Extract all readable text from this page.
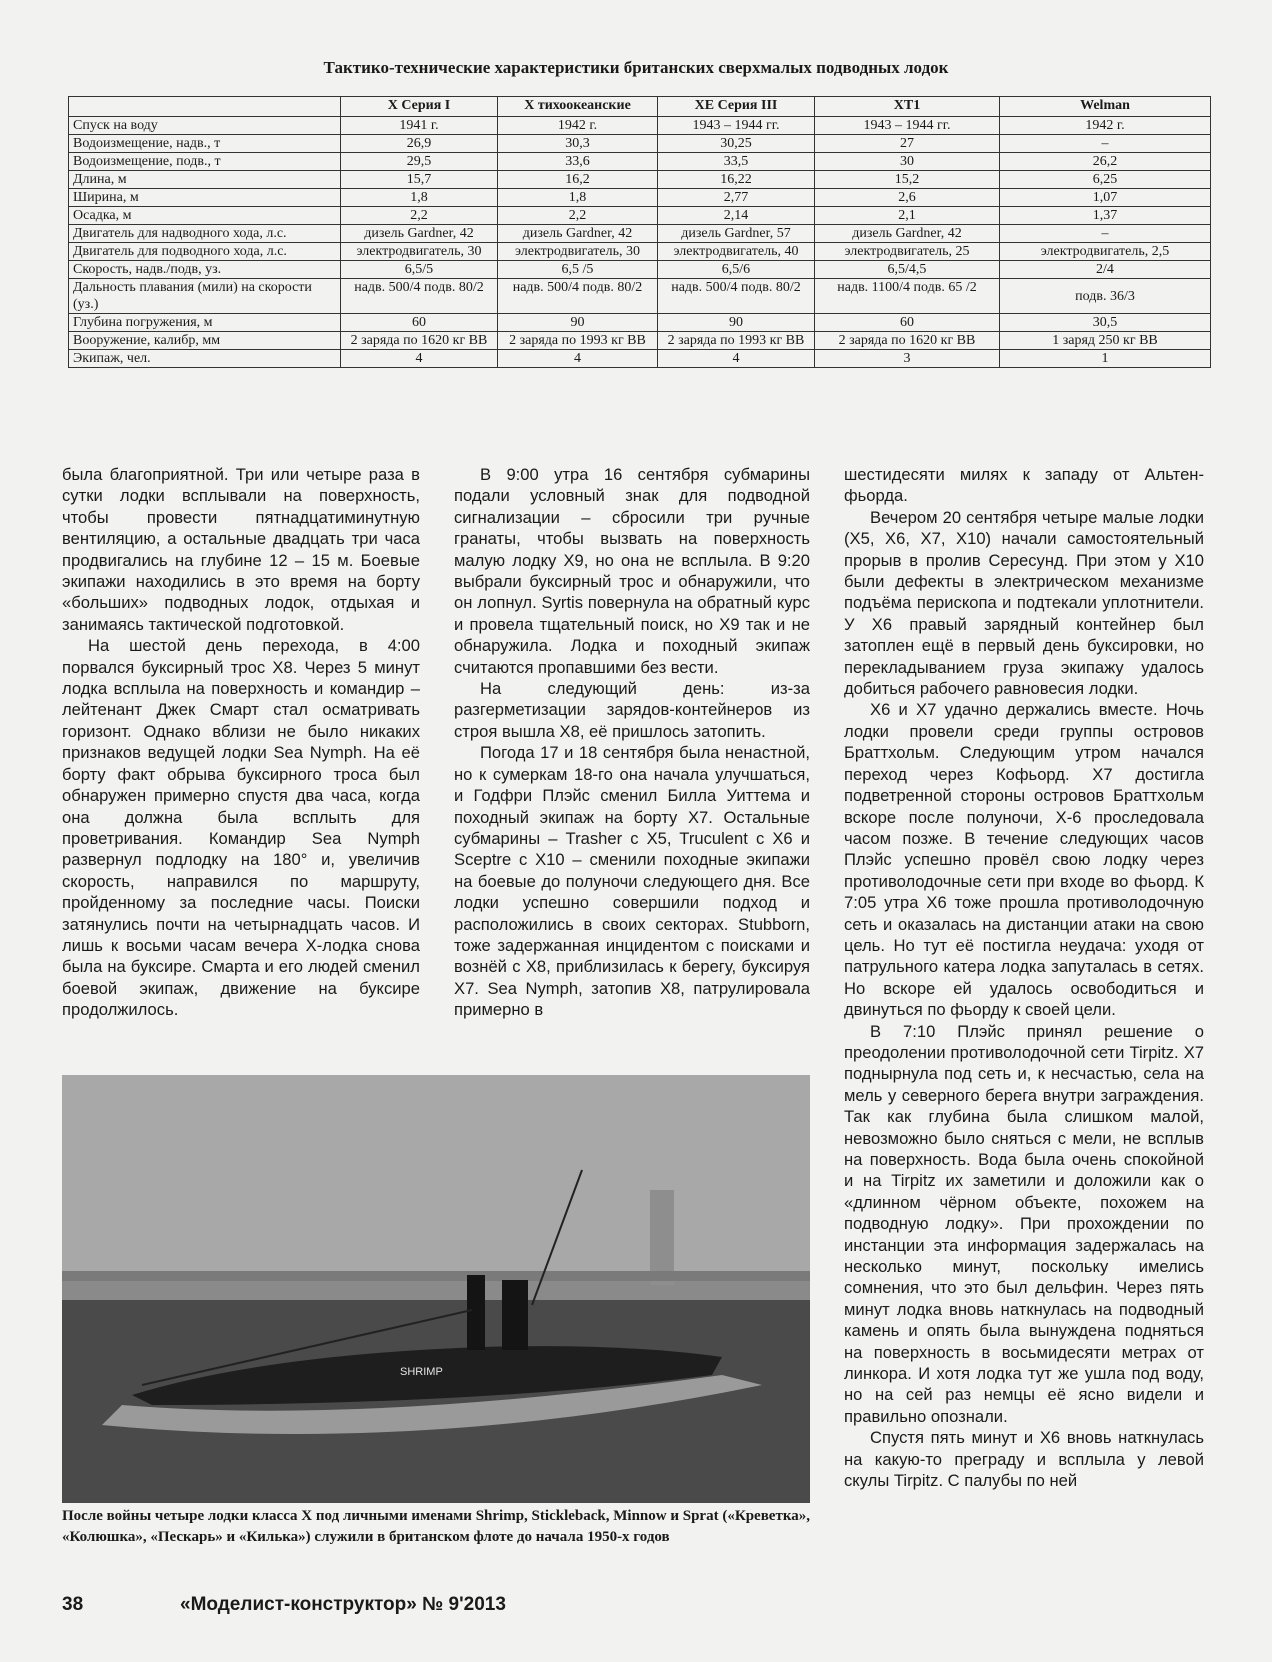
Тактико-технические характеристики британских сверхмалых подводных лодок
	X Серия I	X тихоокеанские	XE Серия III	XT1	Welman
Спуск на воду	1941 г.	1942 г.	1943 – 1944 гг.	1943 – 1944 гг.	1942 г.
Водоизмещение, надв., т	26,9	30,3	30,25	27	–
Водоизмещение, подв., т	29,5	33,6	33,5	30	26,2
Длина, м	15,7	16,2	16,22	15,2	6,25
Ширина, м	1,8	1,8	2,77	2,6	1,07
Осадка, м	2,2	2,2	2,14	2,1	1,37
Двигатель для надводного хода, л.с.	дизель Gardner, 42	дизель Gardner, 42	дизель Gardner, 57	дизель Gardner, 42	–
Двигатель для подводного хода, л.с.	электродвигатель, 30	электродвигатель, 30	электродвигатель, 40	электродвигатель, 25	электродвигатель, 2,5
Скорость, надв./подв, уз.	6,5/5	6,5 /5	6,5/6	6,5/4,5	2/4
Дальность плавания (мили) на скорости (уз.)	надв. 500/4 подв. 80/2	надв. 500/4 подв. 80/2	надв. 500/4 подв. 80/2	надв. 1100/4 подв. 65 /2	подв. 36/3
Глубина погружения, м	60	90	90	60	30,5
Вооружение, калибр, мм	2 заряда по 1620 кг ВВ	2 заряда по 1993 кг ВВ	2 заряда по 1993 кг ВВ	2 заряда по 1620 кг ВВ	1 заряд 250 кг ВВ
Экипаж, чел.	4	4	4	3	1

была благоприятной. Три или четыре раза в сутки лодки всплывали на поверхность, чтобы провести пятнадцатиминутную вентиляцию, а остальные двадцать три часа продвигались на глубине 12 – 15 м. Боевые экипажи находились в это время на борту «больших» подводных лодок, отдыхая и занимаясь тактической подготовкой.

На шестой день перехода, в 4:00 порвался буксирный трос X8. Через 5 минут лодка всплыла на поверхность и командир – лейтенант Джек Смарт стал осматривать горизонт. Однако вблизи не было никаких признаков ведущей лодки Sea Nymph. На её борту факт обрыва буксирного троса был обнаружен примерно спустя два часа, когда она должна была всплыть для проветривания. Командир Sea Nymph развернул подлодку на 180° и, увеличив скорость, направился по маршруту, пройденному за последние часы. Поиски затянулись почти на четырнадцать часов. И лишь к восьми часам вечера X-лодка снова была на буксире. Смарта и его людей сменил боевой экипаж, движение на буксире продолжилось.

В 9:00 утра 16 сентября субмарины подали условный знак для подводной сигнализации – сбросили три ручные гранаты, чтобы вызвать на поверхность малую лодку X9, но она не всплыла. В 9:20 выбрали буксирный трос и обнаружили, что он лопнул. Syrtis повернула на обратный курс и провела тщательный поиск, но X9 так и не обнаружила. Лодка и походный экипаж считаются пропавшими без вести.

На следующий день: из-за разгерметизации зарядов-контейнеров из строя вышла X8, её пришлось затопить.

Погода 17 и 18 сентября была ненастной, но к сумеркам 18-го она начала улучшаться, и Годфри Плэйс сменил Билла Уиттема и походный экипаж на борту X7. Остальные субмарины – Trasher с X5, Truculent с X6 и Sceptre с X10 – сменили походные экипажи на боевые до полуночи следующего дня. Все лодки успешно совершили подход и расположились в своих секторах. Stubborn, тоже задержанная инцидентом с поисками и вознёй с X8, приблизилась к берегу, буксируя X7. Sea Nymph, затопив X8, патрулировала примерно в

шестидесяти милях к западу от Альтен-фьорда.

Вечером 20 сентября четыре малые лодки (X5, X6, X7, X10) начали самостоятельный прорыв в пролив Сересунд. При этом у X10 были дефекты в электрическом механизме подъёма перископа и подтекали уплотнители. У X6 правый зарядный контейнер был затоплен ещё в первый день буксировки, но перекладыванием груза экипажу удалось добиться рабочего равновесия лодки.

X6 и X7 удачно держались вместе. Ночь лодки провели среди группы островов Браттхольм. Следующим утром начался переход через Кофьорд. X7 достигла подветренной стороны островов Браттхольм вскоре после полуночи, X-6 проследовала часом позже. В течение следующих часов Плэйс успешно провёл свою лодку через противолодочные сети при входе во фьорд. К 7:05 утра X6 тоже прошла противолодочную сеть и оказалась на дистанции атаки на свою цель. Но тут её постигла неудача: уходя от патрульного катера лодка запуталась в сетях. Но вскоре ей удалось освободиться и двинуться по фьорду к своей цели.

В 7:10 Плэйс принял решение о преодолении противолодочной сети Tirpitz. X7 поднырнула под сеть и, к несчастью, села на мель у северного берега внутри заграждения. Так как глубина была слишком малой, невозможно было сняться с мели, не всплыв на поверхность. Вода была очень спокойной и на Tirpitz их заметили и доложили как о «длинном чёрном объекте, похожем на подводную лодку». При прохождении по инстанции эта информация задержалась на несколько минут, поскольку имелись сомнения, что это был дельфин. Через пять минут лодка вновь наткнулась на подводный камень и опять была вынуждена подняться на поверхность в восьмидесяти метрах от линкора. И хотя лодка тут же ушла под воду, но на сей раз немцы её ясно видели и правильно опознали.

Спустя пять минут и X6 вновь наткнулась на какую-то преграду и всплыла у левой скулы Tirpitz. С палубы по ней

SHRIMP
После войны четыре лодки класса X под личными именами Shrimp, Stickleback, Minnow и Sprat («Креветка», «Колюшка», «Пескарь» и «Килька») служили в британском флоте до начала 1950-х годов
38	«Моделист-конструктор» № 9'2013
